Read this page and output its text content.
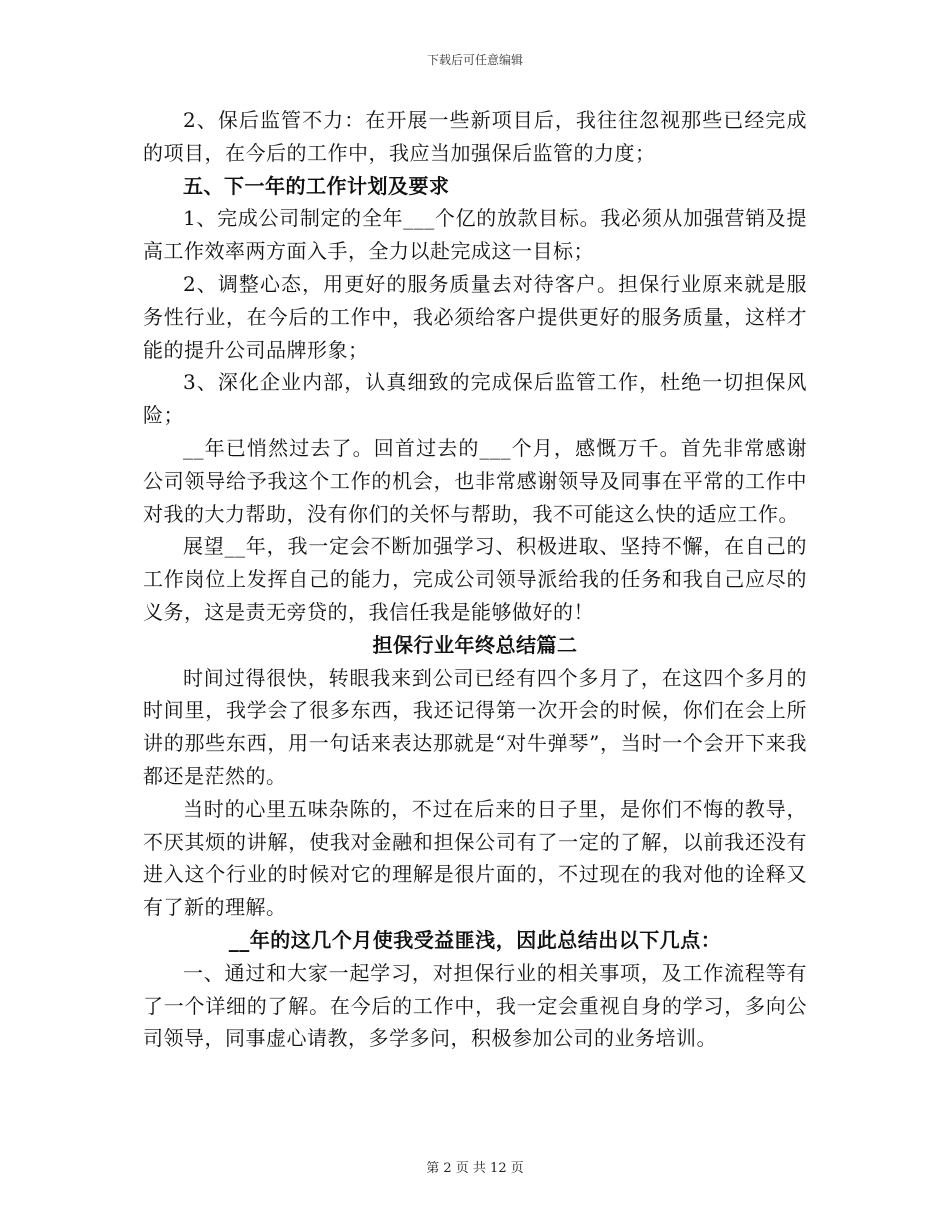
下载后可任意编辑

2、保后监管不力：在开展一些新项目后，我往往忽视那些已经完成的项目，在今后的工作中，我应当加强保后监管的力度；

五、下一年的工作计划及要求

1、完成公司制定的全年___个亿的放款目标。我必须从加强营销及提高工作效率两方面入手，全力以赴完成这一目标；

2、调整心态，用更好的服务质量去对待客户。担保行业原来就是服务性行业，在今后的工作中，我必须给客户提供更好的服务质量，这样才能的提升公司品牌形象；

3、深化企业内部，认真细致的完成保后监管工作，杜绝一切担保风险；

__年已悄然过去了。回首过去的___个月，感慨万千。首先非常感谢公司领导给予我这个工作的机会，也非常感谢领导及同事在平常的工作中对我的大力帮助，没有你们的关怀与帮助，我不可能这么快的适应工作。

展望__年，我一定会不断加强学习、积极进取、坚持不懈，在自己的工作岗位上发挥自己的能力，完成公司领导派给我的任务和我自己应尽的义务，这是责无旁贷的，我信任我是能够做好的！

担保行业年终总结篇二

时间过得很快，转眼我来到公司已经有四个多月了，在这四个多月的时间里，我学会了很多东西，我还记得第一次开会的时候，你们在会上所讲的那些东西，用一句话来表达那就是“对牛弹琴”，当时一个会开下来我都还是茫然的。

当时的心里五味杂陈的，不过在后来的日子里，是你们不悔的教导，不厌其烦的讲解，使我对金融和担保公司有了一定的了解，以前我还没有进入这个行业的时候对它的理解是很片面的，不过现在的我对他的诠释又有了新的理解。

__年的这几个月使我受益匪浅，因此总结出以下几点：

一、通过和大家一起学习，对担保行业的相关事项，及工作流程等有了一个详细的了解。在今后的工作中，我一定会重视自身的学习，多向公司领导，同事虚心请教，多学多问，积极参加公司的业务培训。

第 2 页 共 12 页
